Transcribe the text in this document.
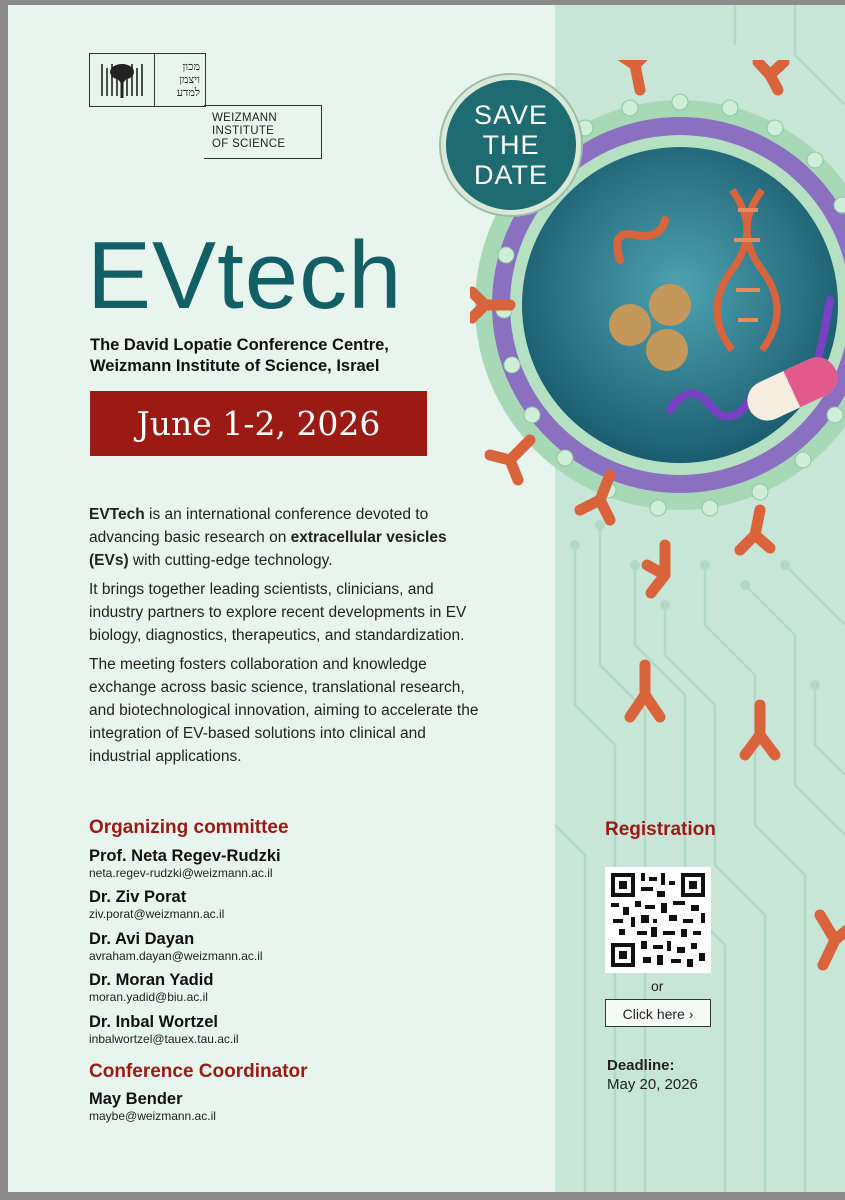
מכון
ויצמן
למדע
WEIZMANN
INSTITUTE
OF SCIENCE
SAVE
THE
DATE
EVtech
The David Lopatie Conference Centre,
Weizmann Institute of Science, Israel
June 1-2, 2026

EVTech is an international conference devoted to advancing basic research on extracellular vesicles (EVs) with cutting-edge technology.

It brings together leading scientists, clinicians, and industry partners to explore recent developments in EV biology, diagnostics, therapeutics, and standardization.

The meeting fosters collaboration and knowledge exchange across basic science, translational research, and biotechnological innovation, aiming to accelerate the integration of EV-based solutions into clinical and industrial applications.

Organizing committee
Prof. Neta Regev-Rudzki
neta.regev-rudzki@weizmann.ac.il
Dr. Ziv Porat
ziv.porat@weizmann.ac.il
Dr. Avi Dayan
avraham.dayan@weizmann.ac.il
Dr. Moran Yadid
moran.yadid@biu.ac.il
Dr. Inbal Wortzel
inbalwortzel@tauex.tau.ac.il
Conference Coordinator
May Bender
maybe@weizmann.ac.il
Registration
or
Click here ›
Deadline:
May 20, 2026
